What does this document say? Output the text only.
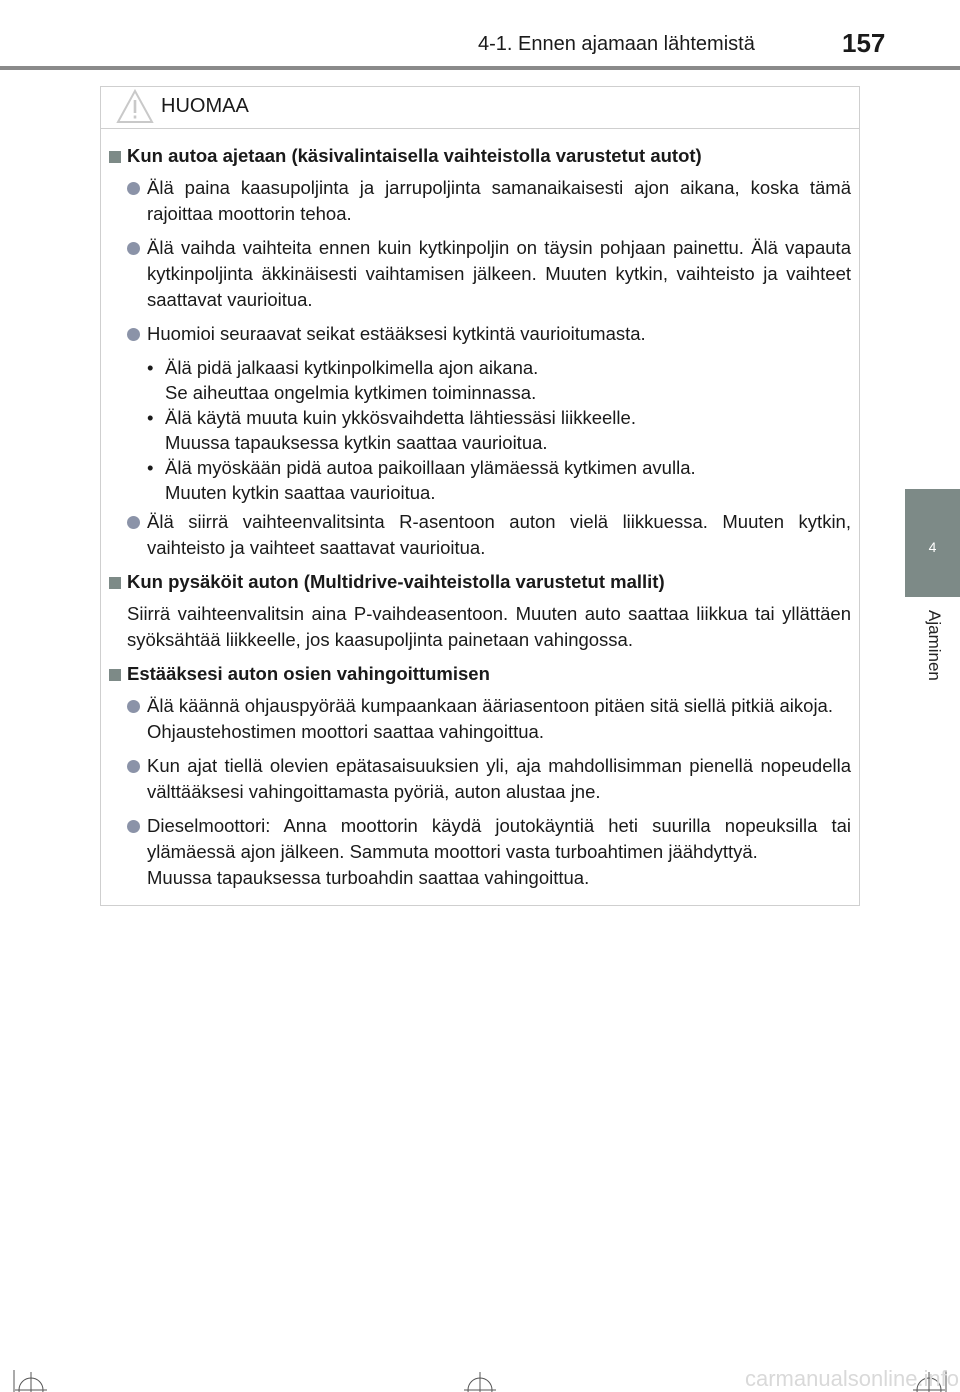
4-1. Ennen ajamaan lähtemistä	157
4
Ajaminen
HUOMAA
Kun autoa ajetaan (käsivalintaisella vaihteistolla varustetut autot)
Älä paina kaasupoljinta ja jarrupoljinta samanaikaisesti ajon aikana, koska tämä rajoittaa moottorin tehoa.
Älä vaihda vaihteita ennen kuin kytkinpoljin on täysin pohjaan painettu. Älä vapauta kytkinpoljinta äkkinäisesti vaihtamisen jälkeen. Muuten kytkin, vaihteisto ja vaihteet saattavat vaurioitua.
Huomioi seuraavat seikat estääksesi kytkintä vaurioitumasta.
• Älä pidä jalkaasi kytkinpolkimella ajon aikana.
Se aiheuttaa ongelmia kytkimen toiminnassa.
• Älä käytä muuta kuin ykkösvaihdetta lähtiessäsi liikkeelle.
Muussa tapauksessa kytkin saattaa vaurioitua.
• Älä myöskään pidä autoa paikoillaan ylämäessä kytkimen avulla.
Muuten kytkin saattaa vaurioitua.
Älä siirrä vaihteenvalitsinta R-asentoon auton vielä liikkuessa. Muuten kytkin, vaihteisto ja vaihteet saattavat vaurioitua.
Kun pysäköit auton (Multidrive-vaihteistolla varustetut mallit)
Siirrä vaihteenvalitsin aina P-vaihdeasentoon. Muuten auto saattaa liikkua tai yllättäen syöksähtää liikkeelle, jos kaasupoljinta painetaan vahingossa.
Estääksesi auton osien vahingoittumisen
Älä käännä ohjauspyörää kumpaankaan ääriasentoon pitäen sitä siellä pitkiä aikoja.
Ohjaustehostimen moottori saattaa vahingoittua.
Kun ajat tiellä olevien epätasaisuuksien yli, aja mahdollisimman pienellä nopeudella välttääksesi vahingoittamasta pyöriä, auton alustaa jne.
Dieselmoottori: Anna moottorin käydä joutokäyntiä heti suurilla nopeuksilla tai ylämäessä ajon jälkeen. Sammuta moottori vasta turboahtimen jäähdyttyä.
Muussa tapauksessa turboahdin saattaa vahingoittua.
carmanualsonline.info
